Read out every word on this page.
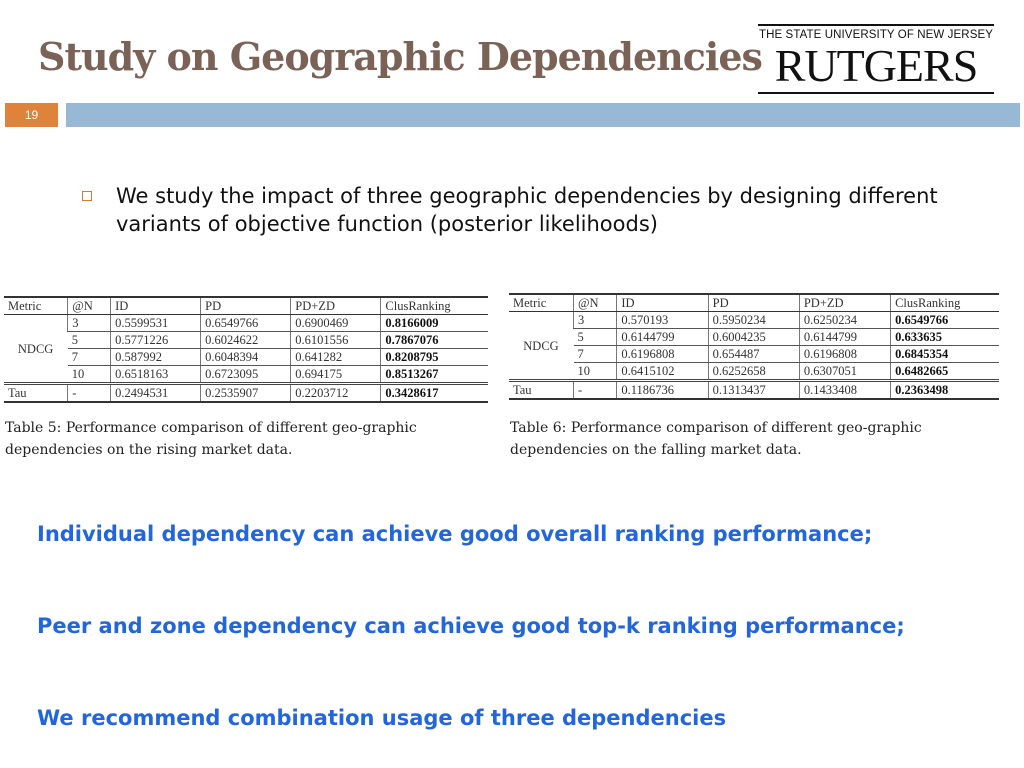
Study on Geographic Dependencies
THE STATE UNIVERSITY OF NEW JERSEY
RUTGERS
19

We study the impact of three geographic dependencies by designing different variants of objective function (posterior likelihoods)

Metric	@N	ID	PD	PD+ZD	ClusRanking
NDCG	3	0.5599531	0.6549766	0.6900469	0.8166009
	5	0.5771226	0.6024622	0.6101556	0.7867076
	7	0.587992	0.6048394	0.641282	0.8208795
	10	0.6518163	0.6723095	0.694175	0.8513267
Tau	-	0.2494531	0.2535907	0.2203712	0.3428617
Metric	@N	ID	PD	PD+ZD	ClusRanking
NDCG	3	0.570193	0.5950234	0.6250234	0.6549766
	5	0.6144799	0.6004235	0.6144799	0.633635
	7	0.6196808	0.654487	0.6196808	0.6845354
	10	0.6415102	0.6252658	0.6307051	0.6482665
Tau	-	0.1186736	0.1313437	0.1433408	0.2363498

Table 5: Performance comparison of different geo-graphic dependencies on the rising market data.

Table 6: Performance comparison of different geo-graphic dependencies on the falling market data.

Individual dependency can achieve good overall ranking performance;

Peer and zone dependency can achieve good top-k ranking performance;

We recommend combination usage of three dependencies
